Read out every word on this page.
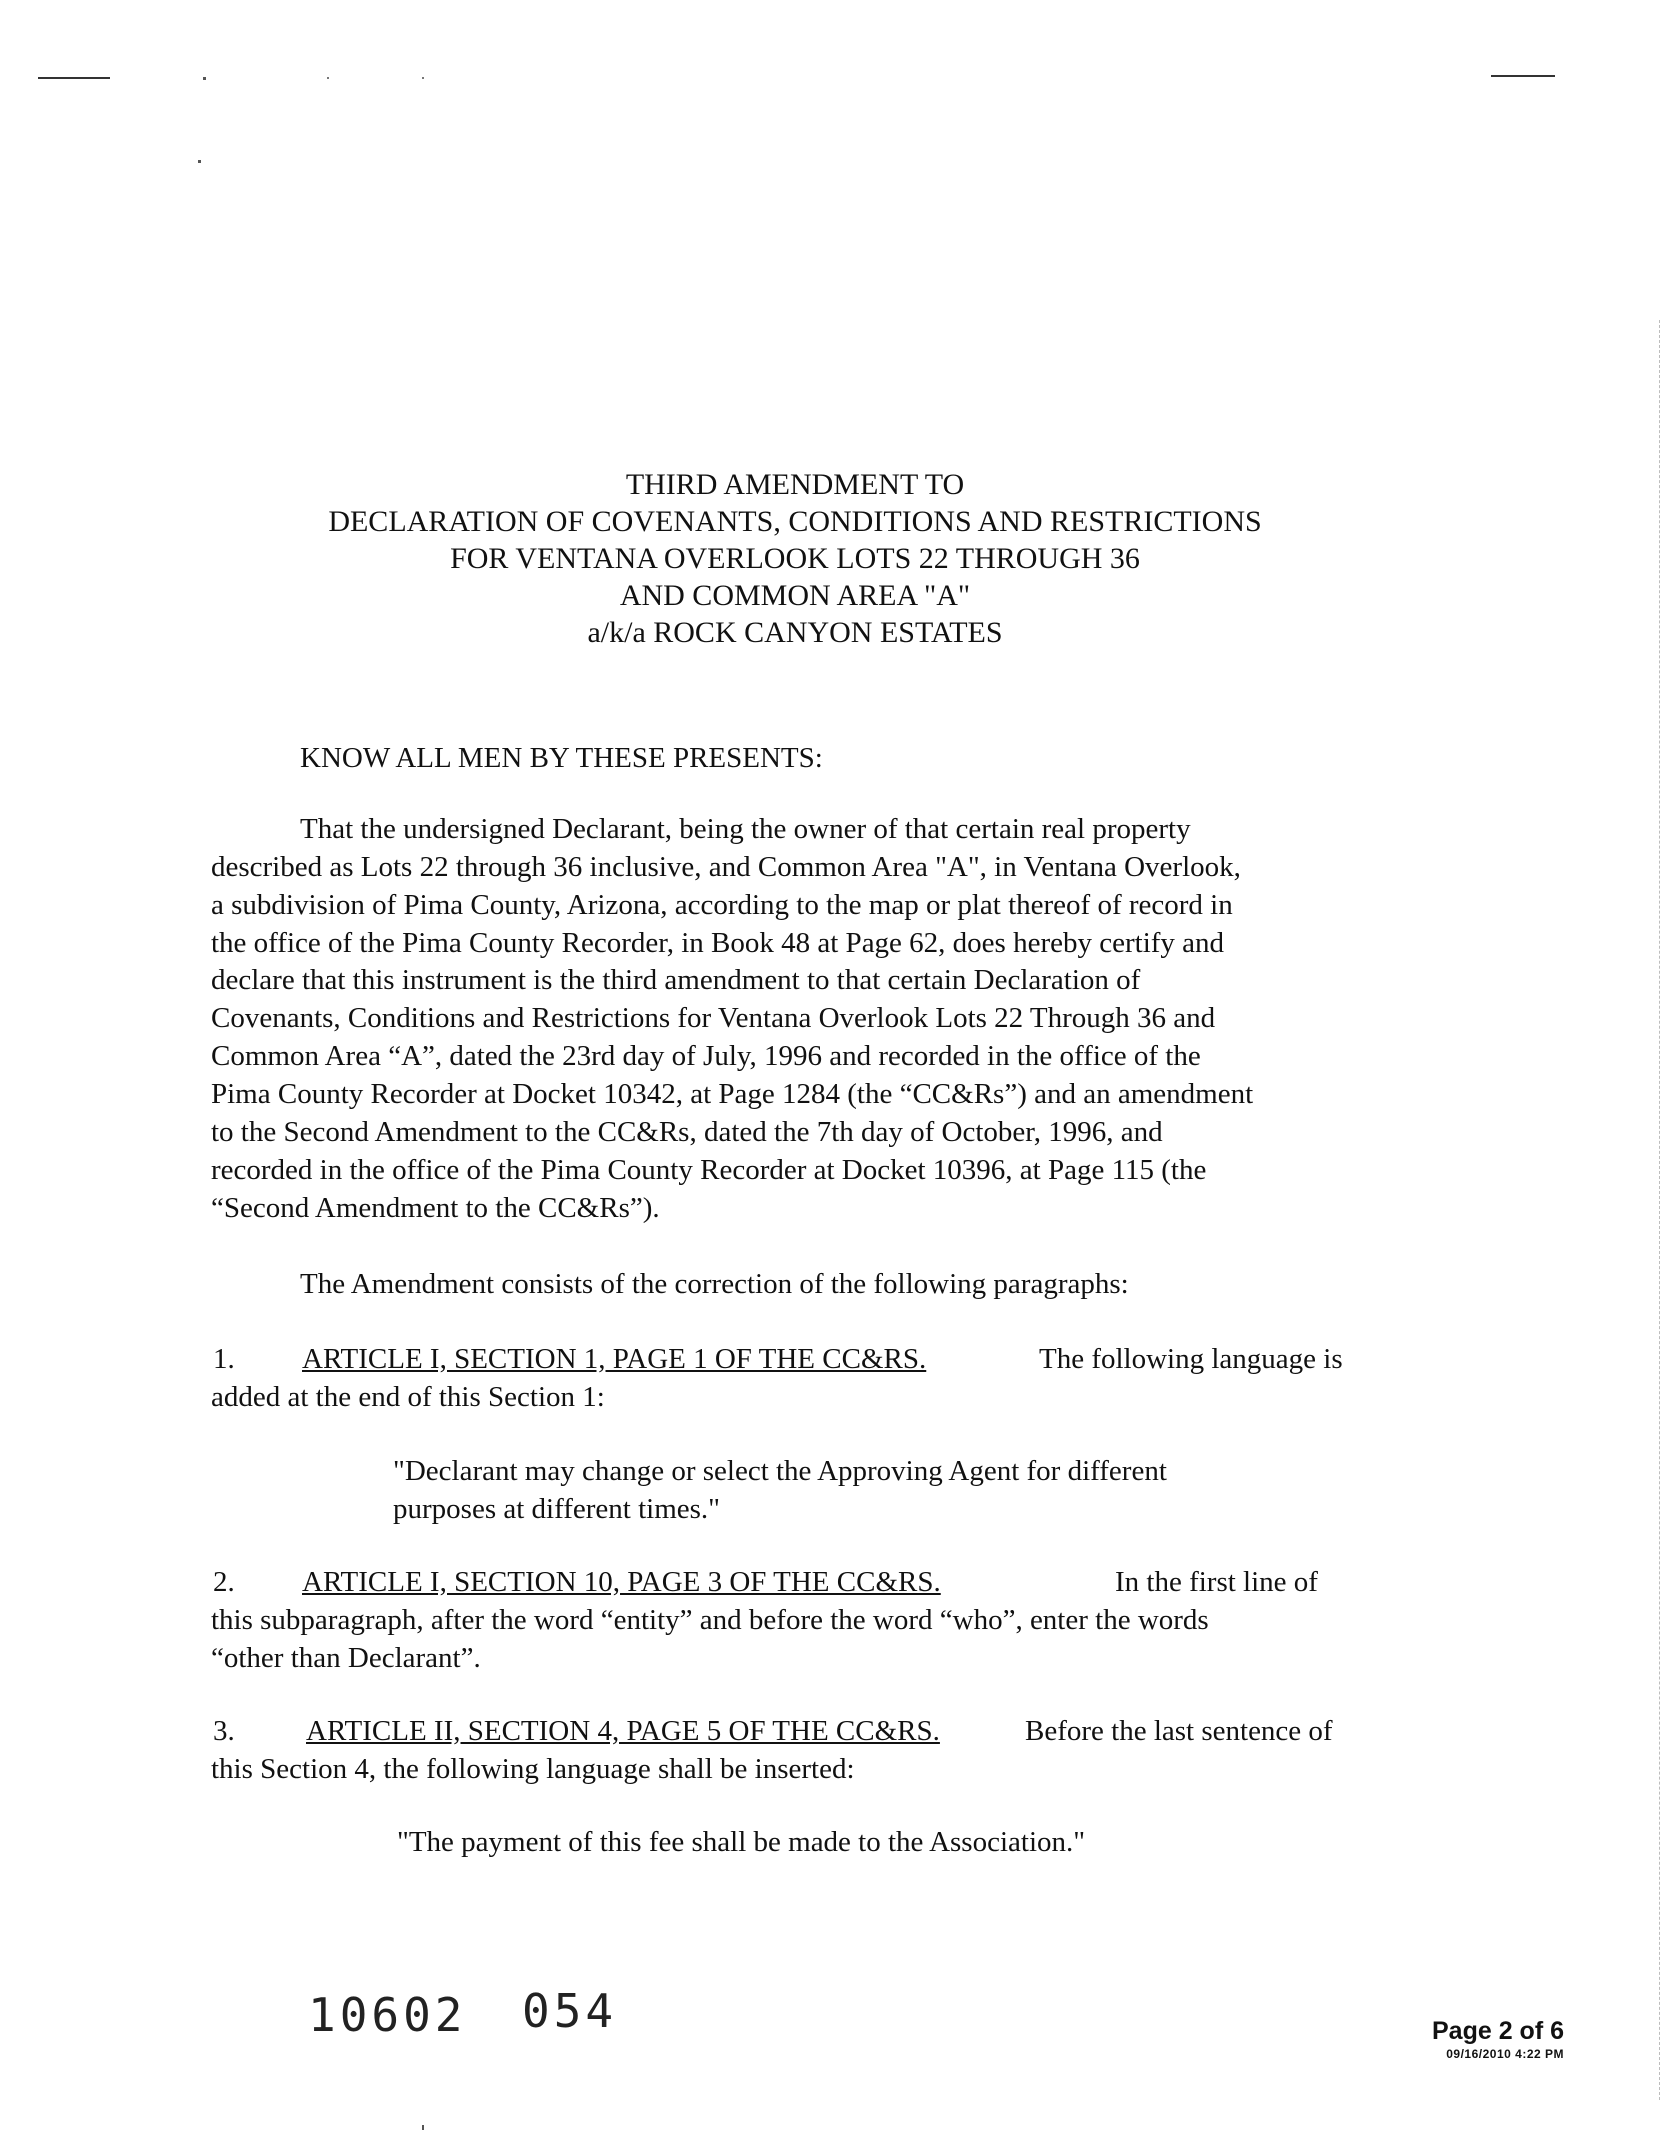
THIRD AMENDMENT TO
DECLARATION OF COVENANTS, CONDITIONS AND RESTRICTIONS
FOR VENTANA OVERLOOK LOTS 22 THROUGH 36
AND COMMON AREA "A"
a/k/a ROCK CANYON ESTATES
KNOW ALL MEN BY THESE PRESENTS:
That the undersigned Declarant, being the owner of that certain real property
described as Lots 22 through 36 inclusive, and Common Area "A", in Ventana Overlook,
a subdivision of Pima County, Arizona, according to the map or plat thereof of record in
the office of the Pima County Recorder, in Book 48 at Page 62, does hereby certify and
declare that this instrument is the third amendment to that certain Declaration of
Covenants, Conditions and Restrictions for Ventana Overlook Lots 22 Through 36 and
Common Area “A”, dated the 23rd day of July, 1996 and recorded in the office of the
Pima County Recorder at Docket 10342, at Page 1284 (the “CC&Rs”) and an amendment
to the Second Amendment to the CC&Rs, dated the 7th day of October, 1996, and
recorded in the office of the Pima County Recorder at Docket 10396, at Page 115 (the
“Second Amendment to the CC&Rs”).
The Amendment consists of the correction of the following paragraphs:
1. ARTICLE I, SECTION 1, PAGE 1 OF THE CC&RS.	The following language is
added at the end of this Section 1:
"Declarant may change or select the Approving Agent for different
purposes at different times."
2. ARTICLE I, SECTION 10, PAGE 3 OF THE CC&RS.	In the first line of
this subparagraph, after the word “entity” and before the word “who”, enter the words
“other than Declarant”.
3. ARTICLE II, SECTION 4, PAGE 5 OF THE CC&RS.	Before the last sentence of
this Section 4, the following language shall be inserted:
"The payment of this fee shall be made to the Association."
10602 054	Page 2 of 6
09/16/2010 4:22 PM
